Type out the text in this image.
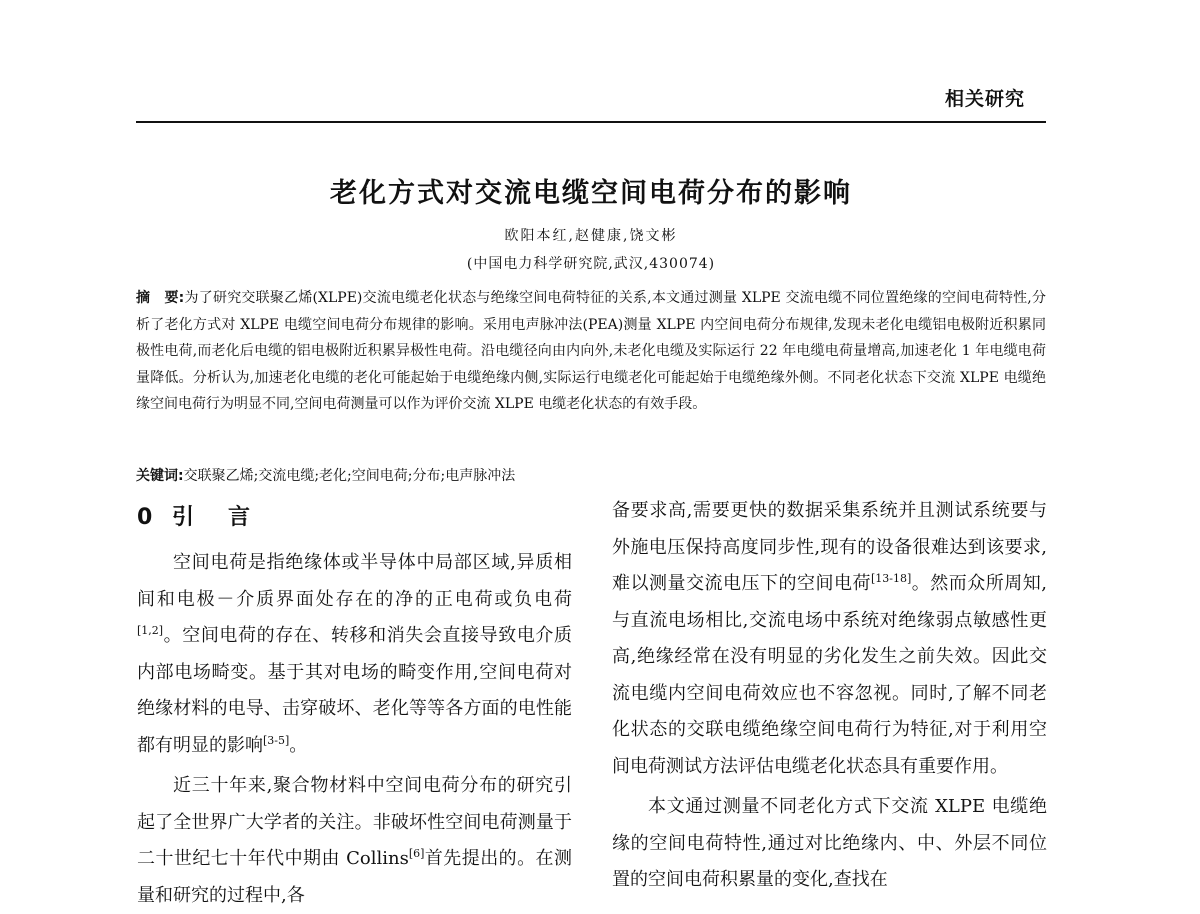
相关研究
老化方式对交流电缆空间电荷分布的影响
欧阳本红,赵健康,饶文彬
(中国电力科学研究院,武汉,430074)
摘　要:为了研究交联聚乙烯(XLPE)交流电缆老化状态与绝缘空间电荷特征的关系,本文通过测量 XLPE 交流电缆不同位置绝缘的空间电荷特性,分析了老化方式对 XLPE 电缆空间电荷分布规律的影响。采用电声脉冲法(PEA)测量 XLPE 内空间电荷分布规律,发现未老化电缆铝电极附近积累同极性电荷,而老化后电缆的铝电极附近积累异极性电荷。沿电缆径向由内向外,未老化电缆及实际运行 22 年电缆电荷量增高,加速老化 1 年电缆电荷量降低。分析认为,加速老化电缆的老化可能起始于电缆绝缘内侧,实际运行电缆老化可能起始于电缆绝缘外侧。不同老化状态下交流 XLPE 电缆绝缘空间电荷行为明显不同,空间电荷测量可以作为评价交流 XLPE 电缆老化状态的有效手段。
关键词:交联聚乙烯;交流电缆;老化;空间电荷;分布;电声脉冲法
0 引　言

空间电荷是指绝缘体或半导体中局部区域,异质相间和电极－介质界面处存在的净的正电荷或负电荷[1,2]。空间电荷的存在、转移和消失会直接导致电介质内部电场畸变。基于其对电场的畸变作用,空间电荷对绝缘材料的电导、击穿破坏、老化等等各方面的电性能都有明显的影响[3-5]。

近三十年来,聚合物材料中空间电荷分布的研究引起了全世界广大学者的关注。非破坏性空间电荷测量于二十世纪七十年代中期由 Collins[6]首先提出的。在测量和研究的过程中,各

备要求高,需要更快的数据采集系统并且测试系统要与外施电压保持高度同步性,现有的设备很难达到该要求,难以测量交流电压下的空间电荷[13-18]。然而众所周知,与直流电场相比,交流电场中系统对绝缘弱点敏感性更高,绝缘经常在没有明显的劣化发生之前失效。因此交流电缆内空间电荷效应也不容忽视。同时,了解不同老化状态的交联电缆绝缘空间电荷行为特征,对于利用空间电荷测试方法评估电缆老化状态具有重要作用。

本文通过测量不同老化方式下交流 XLPE 电缆绝缘的空间电荷特性,通过对比绝缘内、中、外层不同位置的空间电荷积累量的变化,查找在
